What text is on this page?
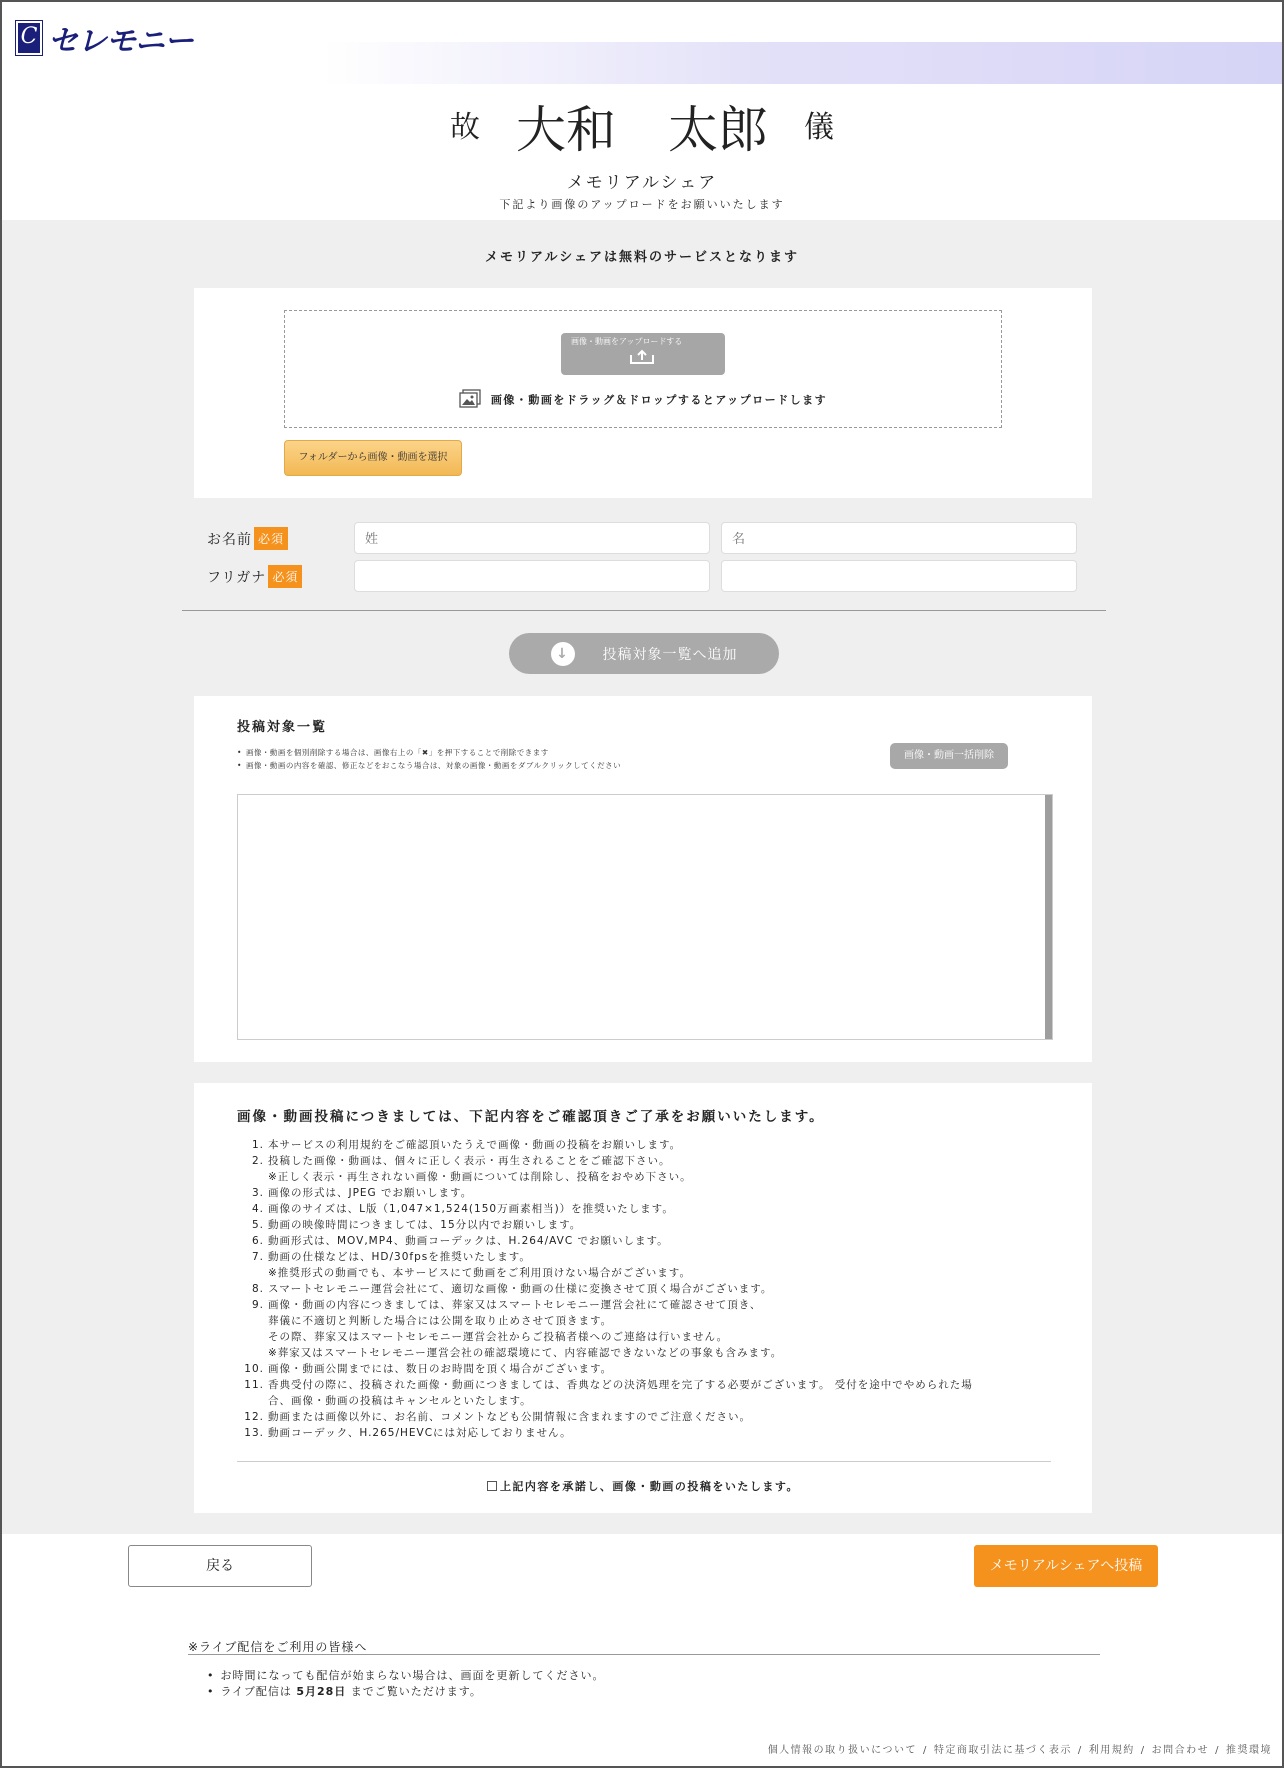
C セレモニー
故 大和 太郎 儀
メモリアルシェア
下記より画像のアップロードをお願いいたします
メモリアルシェアは無料のサービスとなります
画像・動画をアップロードする
画像・動画をドラッグ＆ドロップするとアップロードします
フォルダーから画像・動画を選択
お名前 必須
姓
名
フリガナ 必須
↓	投稿対象一覧へ追加
投稿対象一覧
• 画像・動画を個別削除する場合は、画像右上の「✖」を押下することで削除できます
• 画像・動画の内容を確認、修正などをおこなう場合は、対象の画像・動画をダブルクリックしてください
画像・動画一括削除
画像・動画投稿につきましては、下記内容をご確認頂きご了承をお願いいたします。
1. 本サービスの利用規約をご確認頂いたうえで画像・動画の投稿をお願いします。
2. 投稿した画像・動画は、個々に正しく表示・再生されることをご確認下さい。
※正しく表示・再生されない画像・動画については削除し、投稿をおやめ下さい。
3. 画像の形式は、JPEG でお願いします。
4. 画像のサイズは、L版（1,047×1,524(150万画素相当)）を推奨いたします。
5. 動画の映像時間につきましては、15分以内でお願いします。
6. 動画形式は、MOV,MP4、動画コーデックは、H.264/AVC でお願いします。
7. 動画の仕様などは、HD/30fpsを推奨いたします。
※推奨形式の動画でも、本サービスにて動画をご利用頂けない場合がございます。
8. スマートセレモニー運営会社にて、適切な画像・動画の仕様に変換させて頂く場合がございます。
9. 画像・動画の内容につきましては、葬家又はスマートセレモニー運営会社にて確認させて頂き、
葬儀に不適切と判断した場合には公開を取り止めさせて頂きます。
その際、葬家又はスマートセレモニー運営会社からご投稿者様へのご連絡は行いません。
※葬家又はスマートセレモニー運営会社の確認環境にて、内容確認できないなどの事象も含みます。
10. 画像・動画公開までには、数日のお時間を頂く場合がございます。
11. 香典受付の際に、投稿された画像・動画につきましては、香典などの決済処理を完了する必要がございます。 受付を途中でやめられた場
合、画像・動画の投稿はキャンセルといたします。
12. 動画または画像以外に、お名前、コメントなども公開情報に含まれますのでご注意ください。
13. 動画コーデック、H.265/HEVCには対応しておりません。
上記内容を承諾し、画像・動画の投稿をいたします。
戻る	メモリアルシェアへ投稿
※ライブ配信をご利用の皆様へ
• お時間になっても配信が始まらない場合は、画面を更新してください。
• ライブ配信は 5月28日 までご覧いただけます。
個人情報の取り扱いについて / 特定商取引法に基づく表示 / 利用規約 / お問合わせ / 推奨環境
